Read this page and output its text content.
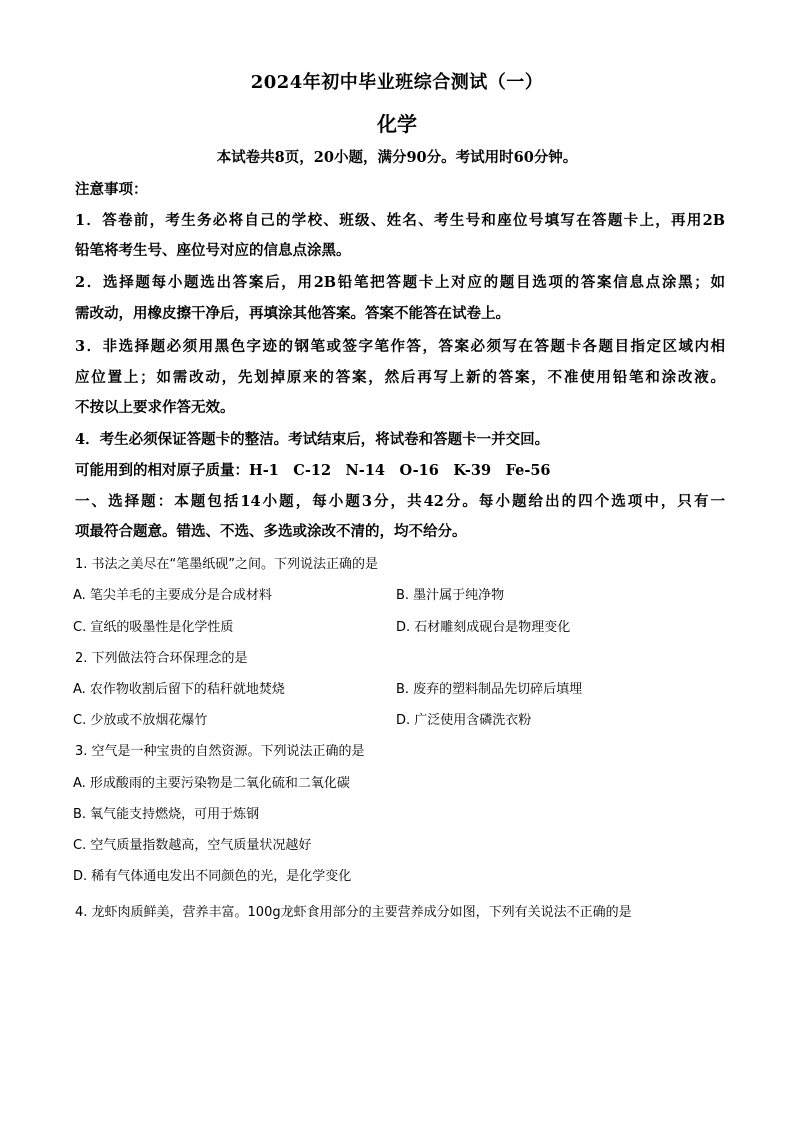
2024年初中毕业班综合测试（一）
化学
本试卷共8页，20小题，满分90分。考试用时60分钟。
注意事项：
1．答卷前，考生务必将自己的学校、班级、姓名、考生号和座位号填写在答题卡上，再用2B
铅笔将考生号、座位号对应的信息点涂黑。
2．选择题每小题选出答案后，用2B铅笔把答题卡上对应的题目选项的答案信息点涂黑；如
需改动，用橡皮擦干净后，再填涂其他答案。答案不能答在试卷上。
3．非选择题必须用黑色字迹的钢笔或签字笔作答，答案必须写在答题卡各题目指定区域内相
应位置上；如需改动，先划掉原来的答案，然后再写上新的答案，不准使用铅笔和涂改液。
不按以上要求作答无效。
4．考生必须保证答题卡的整洁。考试结束后，将试卷和答题卡一并交回。
可能用到的相对原子质量：H-1　C-12　N-14　O-16　K-39　Fe-56
一、选择题：本题包括14小题，每小题3分，共42分。每小题给出的四个选项中，只有一
项最符合题意。错选、不选、多选或涂改不清的，均不给分。
1. 书法之美尽在“笔墨纸砚”之间。下列说法正确的是
A. 笔尖羊毛的主要成分是合成材料	B. 墨汁属于纯净物
C. 宣纸的吸墨性是化学性质	D. 石材雕刻成砚台是物理变化
2. 下列做法符合环保理念的是
A. 农作物收割后留下的秸秆就地焚烧	B. 废弃的塑料制品先切碎后填埋
C. 少放或不放烟花爆竹	D. 广泛使用含磷洗衣粉
3. 空气是一种宝贵的自然资源。下列说法正确的是
A. 形成酸雨的主要污染物是二氧化硫和二氧化碳
B. 氧气能支持燃烧，可用于炼钢
C. 空气质量指数越高，空气质量状况越好
D. 稀有气体通电发出不同颜色的光，是化学变化
4. 龙虾肉质鲜美，营养丰富。100g龙虾食用部分的主要营养成分如图，下列有关说法不正确的是
